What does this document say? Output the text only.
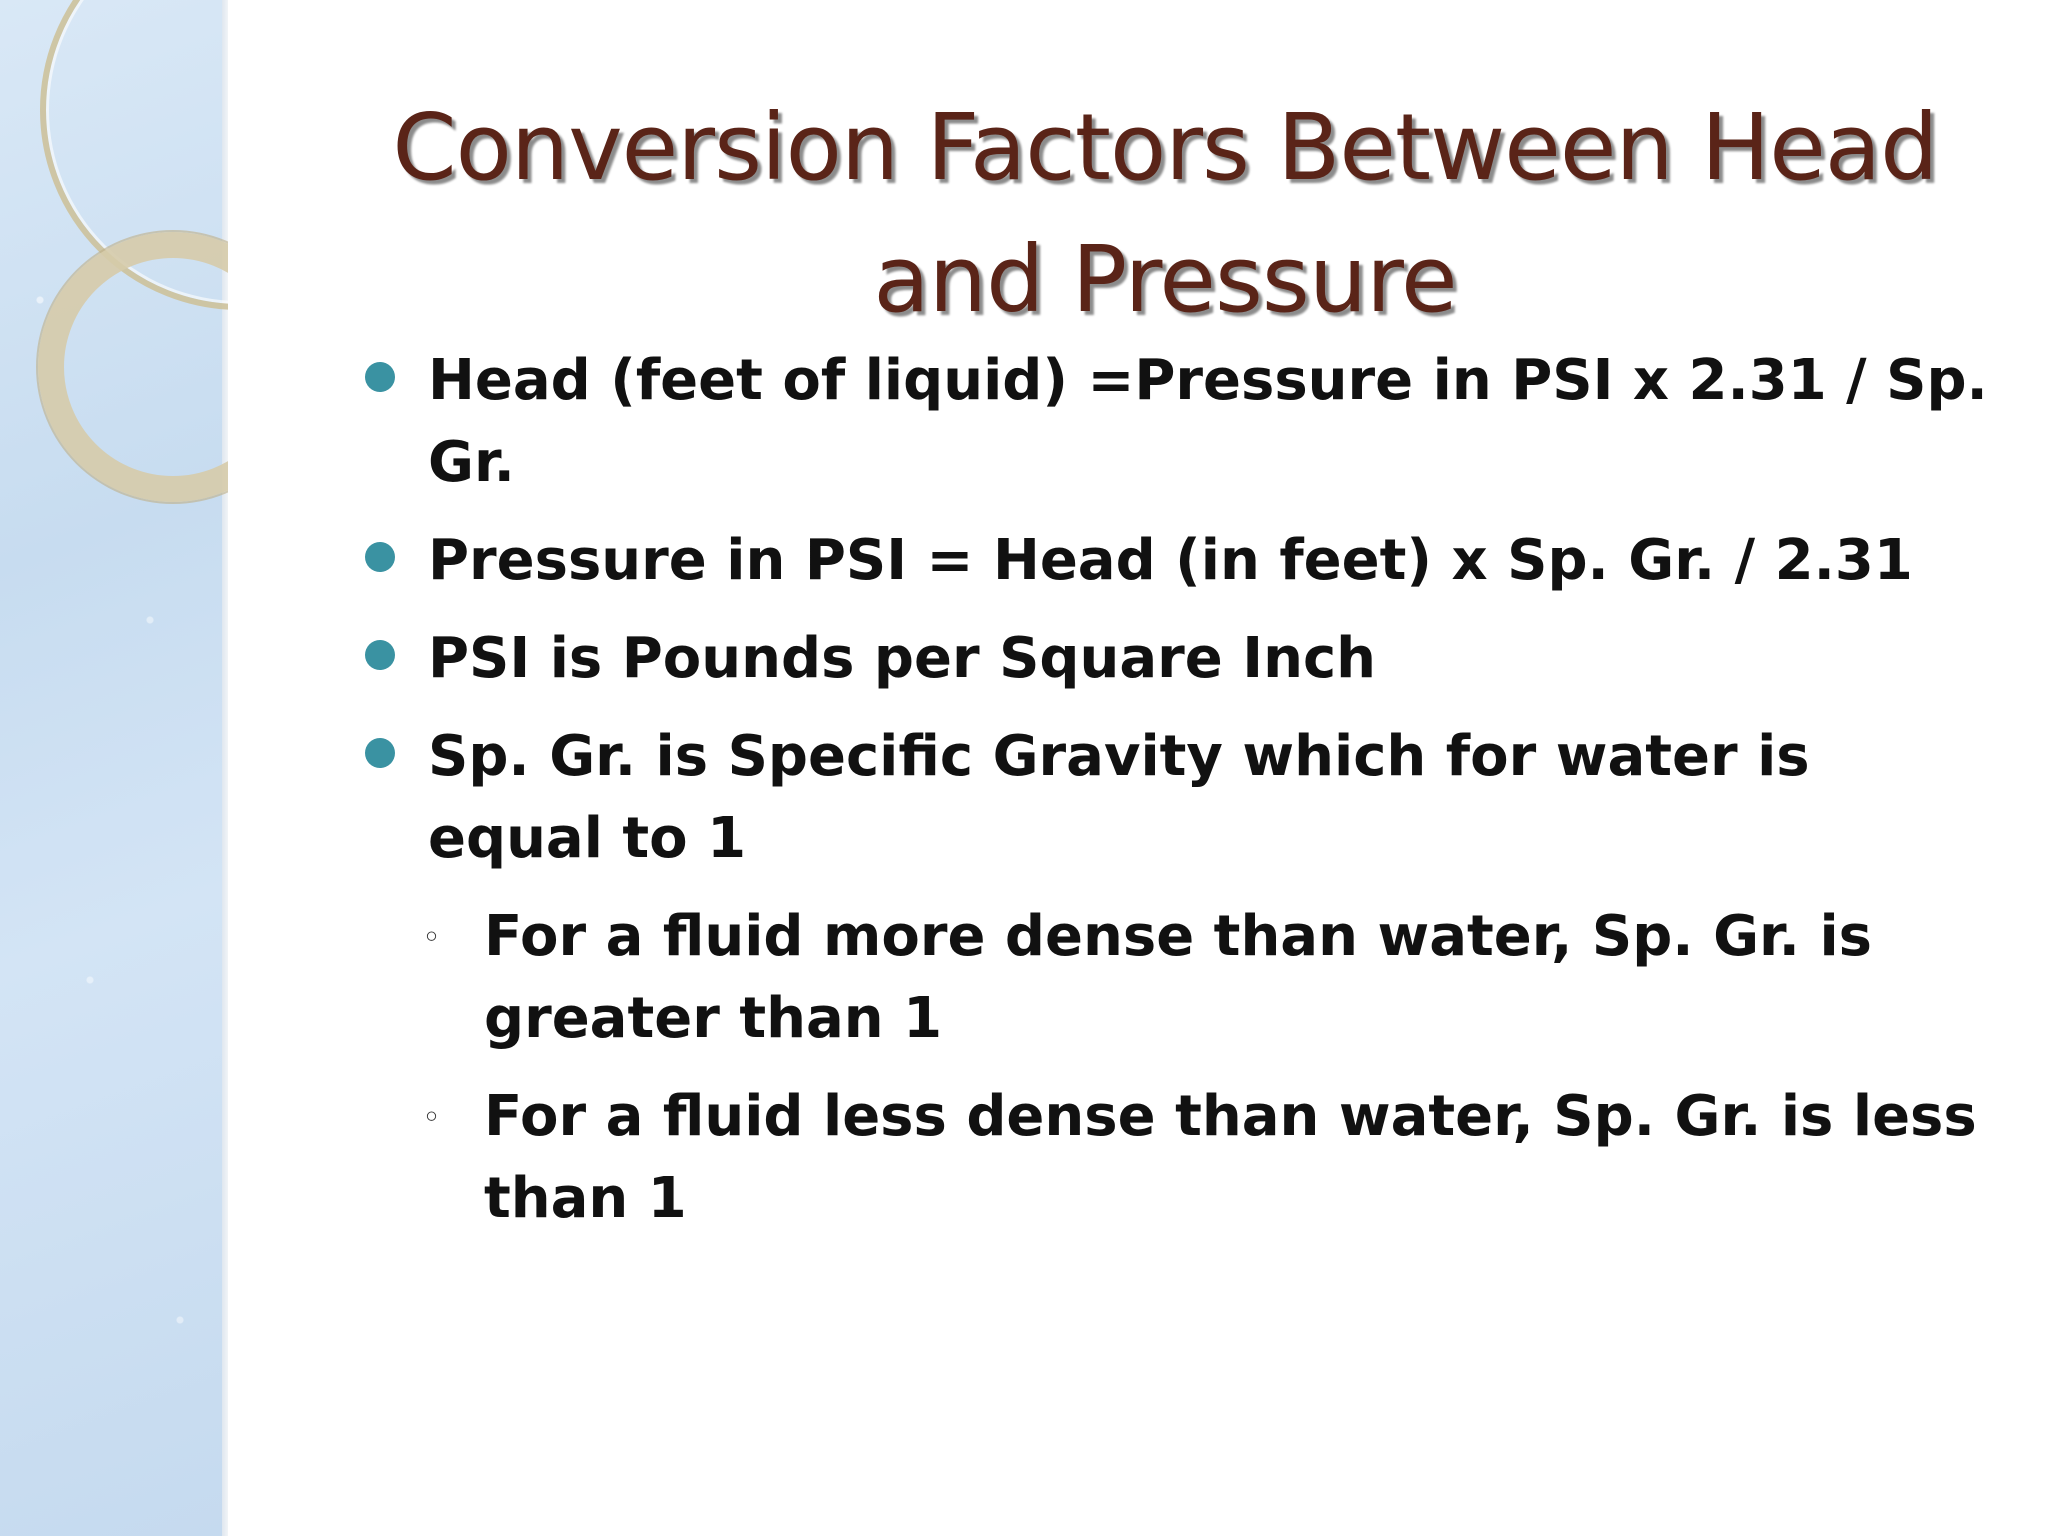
Conversion Factors Between Head and Pressure
Head (feet of liquid) =Pressure in PSI x 2.31 / Sp. Gr.
Pressure in PSI = Head (in feet) x Sp. Gr. / 2.31
PSI is Pounds per Square Inch
Sp. Gr. is Specific Gravity which for water is equal to 1
◦ For a fluid more dense than water, Sp. Gr. is greater than 1
◦ For a fluid less dense than water, Sp. Gr. is less than 1
